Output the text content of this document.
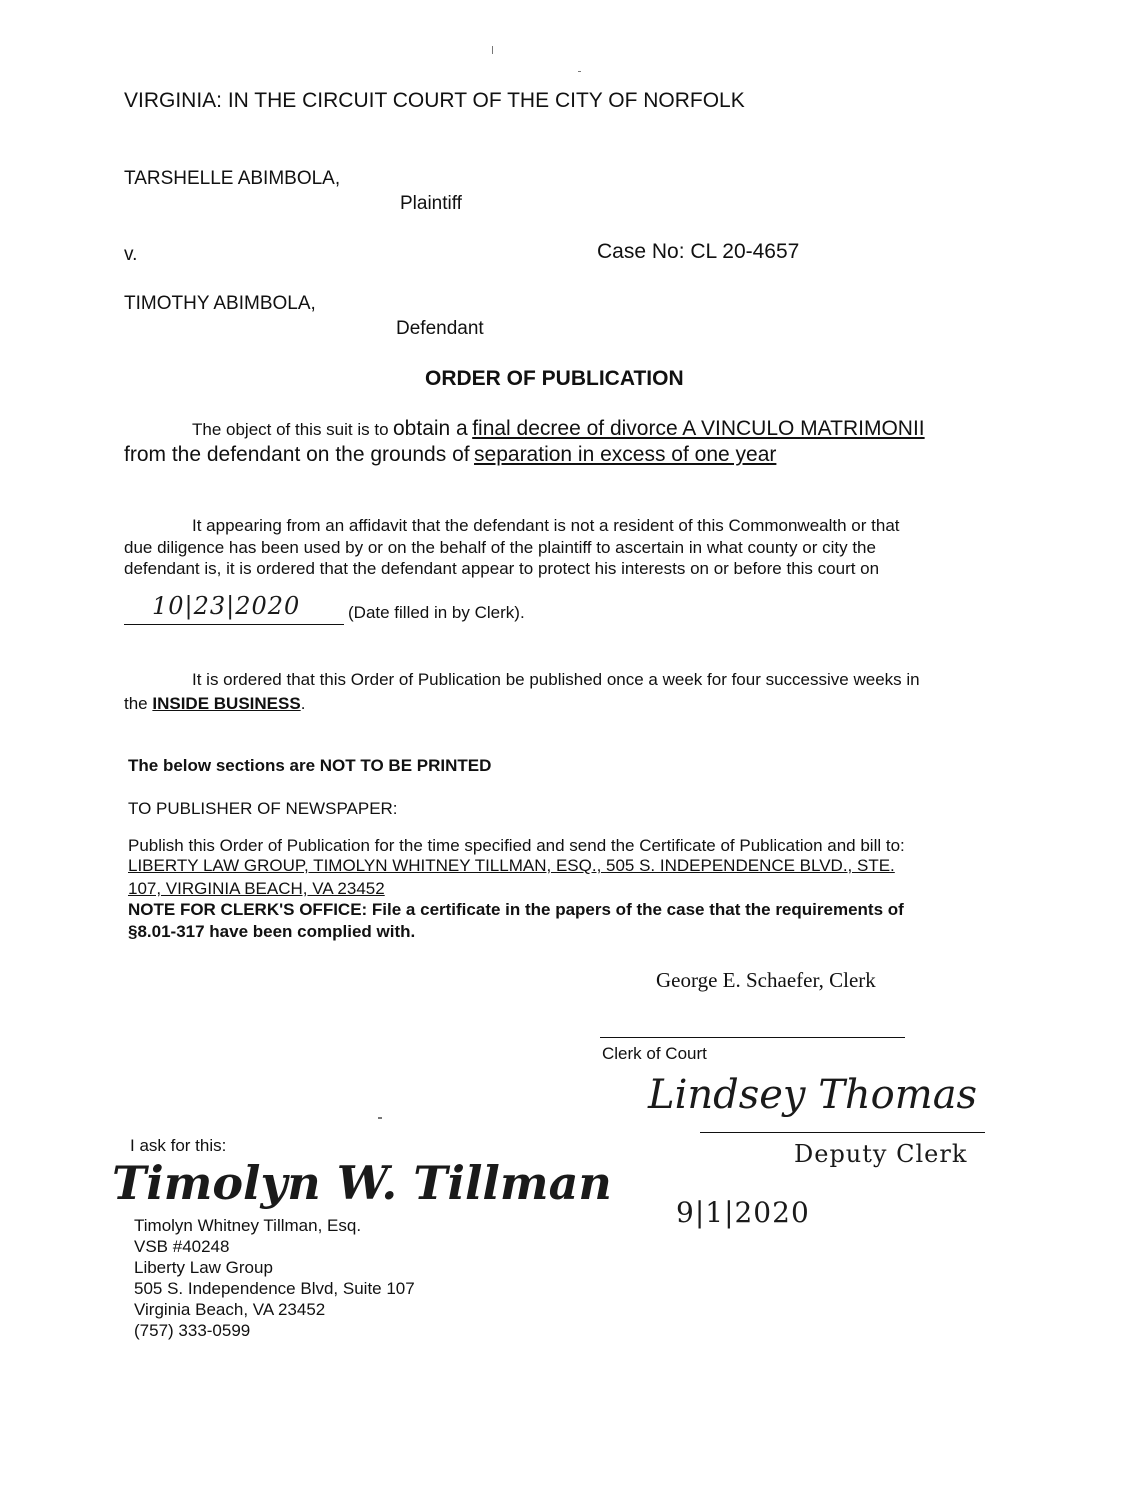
VIRGINIA: IN THE CIRCUIT COURT OF THE CITY OF NORFOLK
TARSHELLE ABIMBOLA,
Plaintiff
v.	Case No: CL 20-4657
TIMOTHY ABIMBOLA,
Defendant
ORDER OF PUBLICATION
The object of this suit is to obtain a final decree of divorce A VINCULO MATRIMONII
from the defendant on the grounds of separation in excess of one year
It appearing from an affidavit that the defendant is not a resident of this Commonwealth or that
due diligence has been used by or on the behalf of the plaintiff to ascertain in what county or city the
defendant is, it is ordered that the defendant appear to protect his interests on or before this court on
10|23|2020	(Date filled in by Clerk).
It is ordered that this Order of Publication be published once a week for four successive weeks in
the INSIDE BUSINESS.
The below sections are NOT TO BE PRINTED
TO PUBLISHER OF NEWSPAPER:
Publish this Order of Publication for the time specified and send the Certificate of Publication and bill to:
LIBERTY LAW GROUP, TIMOLYN WHITNEY TILLMAN, ESQ., 505 S. INDEPENDENCE BLVD., STE.
107, VIRGINIA BEACH, VA 23452
NOTE FOR CLERK'S OFFICE: File a certificate in the papers of the case that the requirements of
§8.01-317 have been complied with.
George E. Schaefer, Clerk
Clerk of Court
Lindsey Thomas
Deputy Clerk
9|1|2020
I ask for this:
Timolyn W. Tillman
Timolyn Whitney Tillman, Esq.
VSB #40248
Liberty Law Group
505 S. Independence Blvd, Suite 107
Virginia Beach, VA 23452
(757) 333-0599
